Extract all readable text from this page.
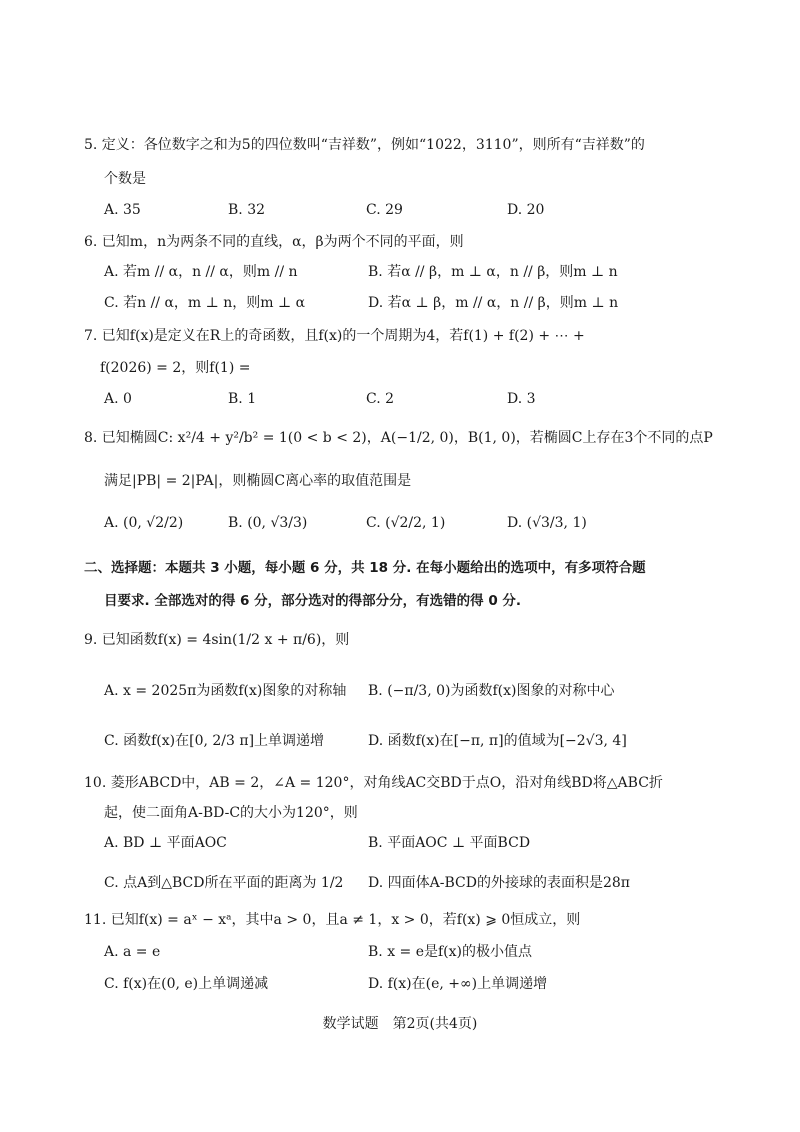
5. 定义：各位数字之和为5的四位数叫“吉祥数”，例如“1022，3110”，则所有“吉祥数”的
个数是
A. 35	B. 32	C. 29	D. 20
6. 已知m，n为两条不同的直线，α，β为两个不同的平面，则
A. 若m // α，n // α，则m // n	B. 若α // β，m ⊥ α，n // β，则m ⊥ n
C. 若n // α，m ⊥ n，则m ⊥ α	D. 若α ⊥ β，m // α，n // β，则m ⊥ n
7. 已知f(x)是定义在R上的奇函数，且f(x)的一个周期为4，若f(1) + f(2) + ⋯ +
f(2026) = 2，则f(1) =
A. 0	B. 1	C. 2	D. 3
8. 已知椭圆C: x²/4 + y²/b² = 1(0 < b < 2)，A(−1/2, 0)，B(1, 0)，若椭圆C上存在3个不同的点P
满足|PB| = 2|PA|，则椭圆C离心率的取值范围是
A. (0, √2/2)	B. (0, √3/3)	C. (√2/2, 1)	D. (√3/3, 1)
二、选择题：本题共 3 小题，每小题 6 分，共 18 分. 在每小题给出的选项中，有多项符合题
目要求. 全部选对的得 6 分，部分选对的得部分分，有选错的得 0 分.
9. 已知函数f(x) = 4sin(1/2 x + π/6)，则
A. x = 2025π为函数f(x)图象的对称轴 B. (−π/3, 0)为函数f(x)图象的对称中心
C. 函数f(x)在[0, 2/3 π]上单调递增	D. 函数f(x)在[−π, π]的值域为[−2√3, 4]
10. 菱形ABCD中，AB = 2，∠A = 120°，对角线AC交BD于点O，沿对角线BD将△ABC折
起，使二面角A-BD-C的大小为120°，则
A. BD ⊥ 平面AOC	B. 平面AOC ⊥ 平面BCD
C. 点A到△BCD所在平面的距离为 1/2 D. 四面体A-BCD的外接球的表面积是28π
11. 已知f(x) = aˣ − xᵃ，其中a > 0，且a ≠ 1，x > 0，若f(x) ⩾ 0恒成立，则
A. a = e	B. x = e是f(x)的极小值点
C. f(x)在(0, e)上单调递减	D. f(x)在(e, +∞)上单调递增
数学试题　第2页(共4页)
